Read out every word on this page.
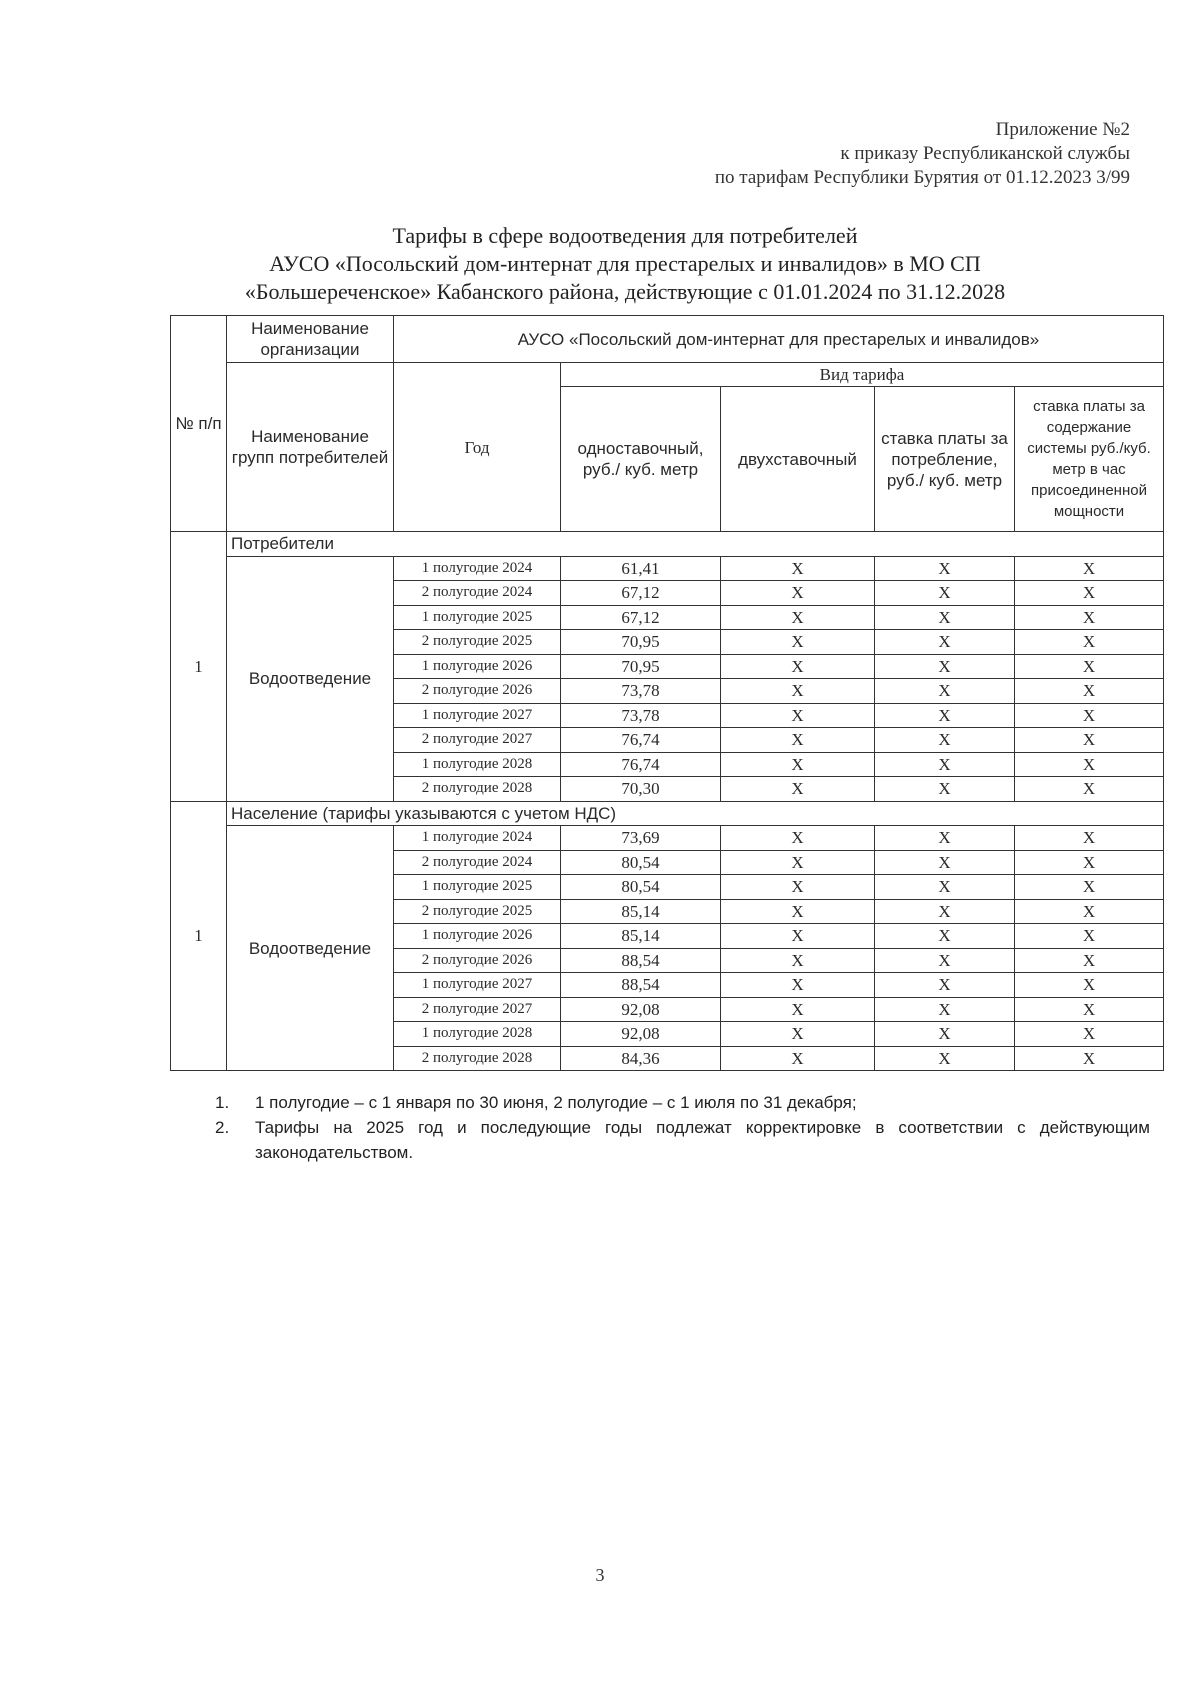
Приложение №2
к приказу Республиканской службы
по тарифам Республики Бурятия от 01.12.2023 3/99
Тарифы в сфере водоотведения для потребителей
АУСО «Посольский дом-интернат для престарелых и инвалидов» в МО СП
«Большереченское» Кабанского района, действующие с 01.01.2024 по 31.12.2028
№ п/п	Наименование организации	АУСО «Посольский дом-интернат для престарелых и инвалидов»				
	Наименование групп потребителей	Год	Вид тарифа			
			одноставочный, руб./ куб. метр	двухставочный	ставка платы за потребление, руб./ куб. метр	ставка платы за содержание системы руб./куб. метр в час присоединенной мощности
1	Потребители					
	Водоотведение	1 полугодие 2024	61,41	Х	Х	Х
		2 полугодие 2024	67,12	Х	Х	Х
		1 полугодие 2025	67,12	Х	Х	Х
		2 полугодие 2025	70,95	Х	Х	Х
		1 полугодие 2026	70,95	Х	Х	Х
		2 полугодие 2026	73,78	Х	Х	Х
		1 полугодие 2027	73,78	Х	Х	Х
		2 полугодие 2027	76,74	Х	Х	Х
		1 полугодие 2028	76,74	Х	Х	Х
		2 полугодие 2028	70,30	Х	Х	Х
1	Население (тарифы указываются с учетом НДС)					
	Водоотведение	1 полугодие 2024	73,69	Х	Х	Х
		2 полугодие 2024	80,54	Х	Х	Х
		1 полугодие 2025	80,54	Х	Х	Х
		2 полугодие 2025	85,14	Х	Х	Х
		1 полугодие 2026	85,14	Х	Х	Х
		2 полугодие 2026	88,54	Х	Х	Х
		1 полугодие 2027	88,54	Х	Х	Х
		2 полугодие 2027	92,08	Х	Х	Х
		1 полугодие 2028	92,08	Х	Х	Х
		2 полугодие 2028	84,36	Х	Х	Х
1.	1 полугодие – с 1 января по 30 июня, 2 полугодие – с 1 июля по 31 декабря;
2.	Тарифы на 2025 год и последующие годы подлежат корректировке в соответствии с действующим законодательством.
3
